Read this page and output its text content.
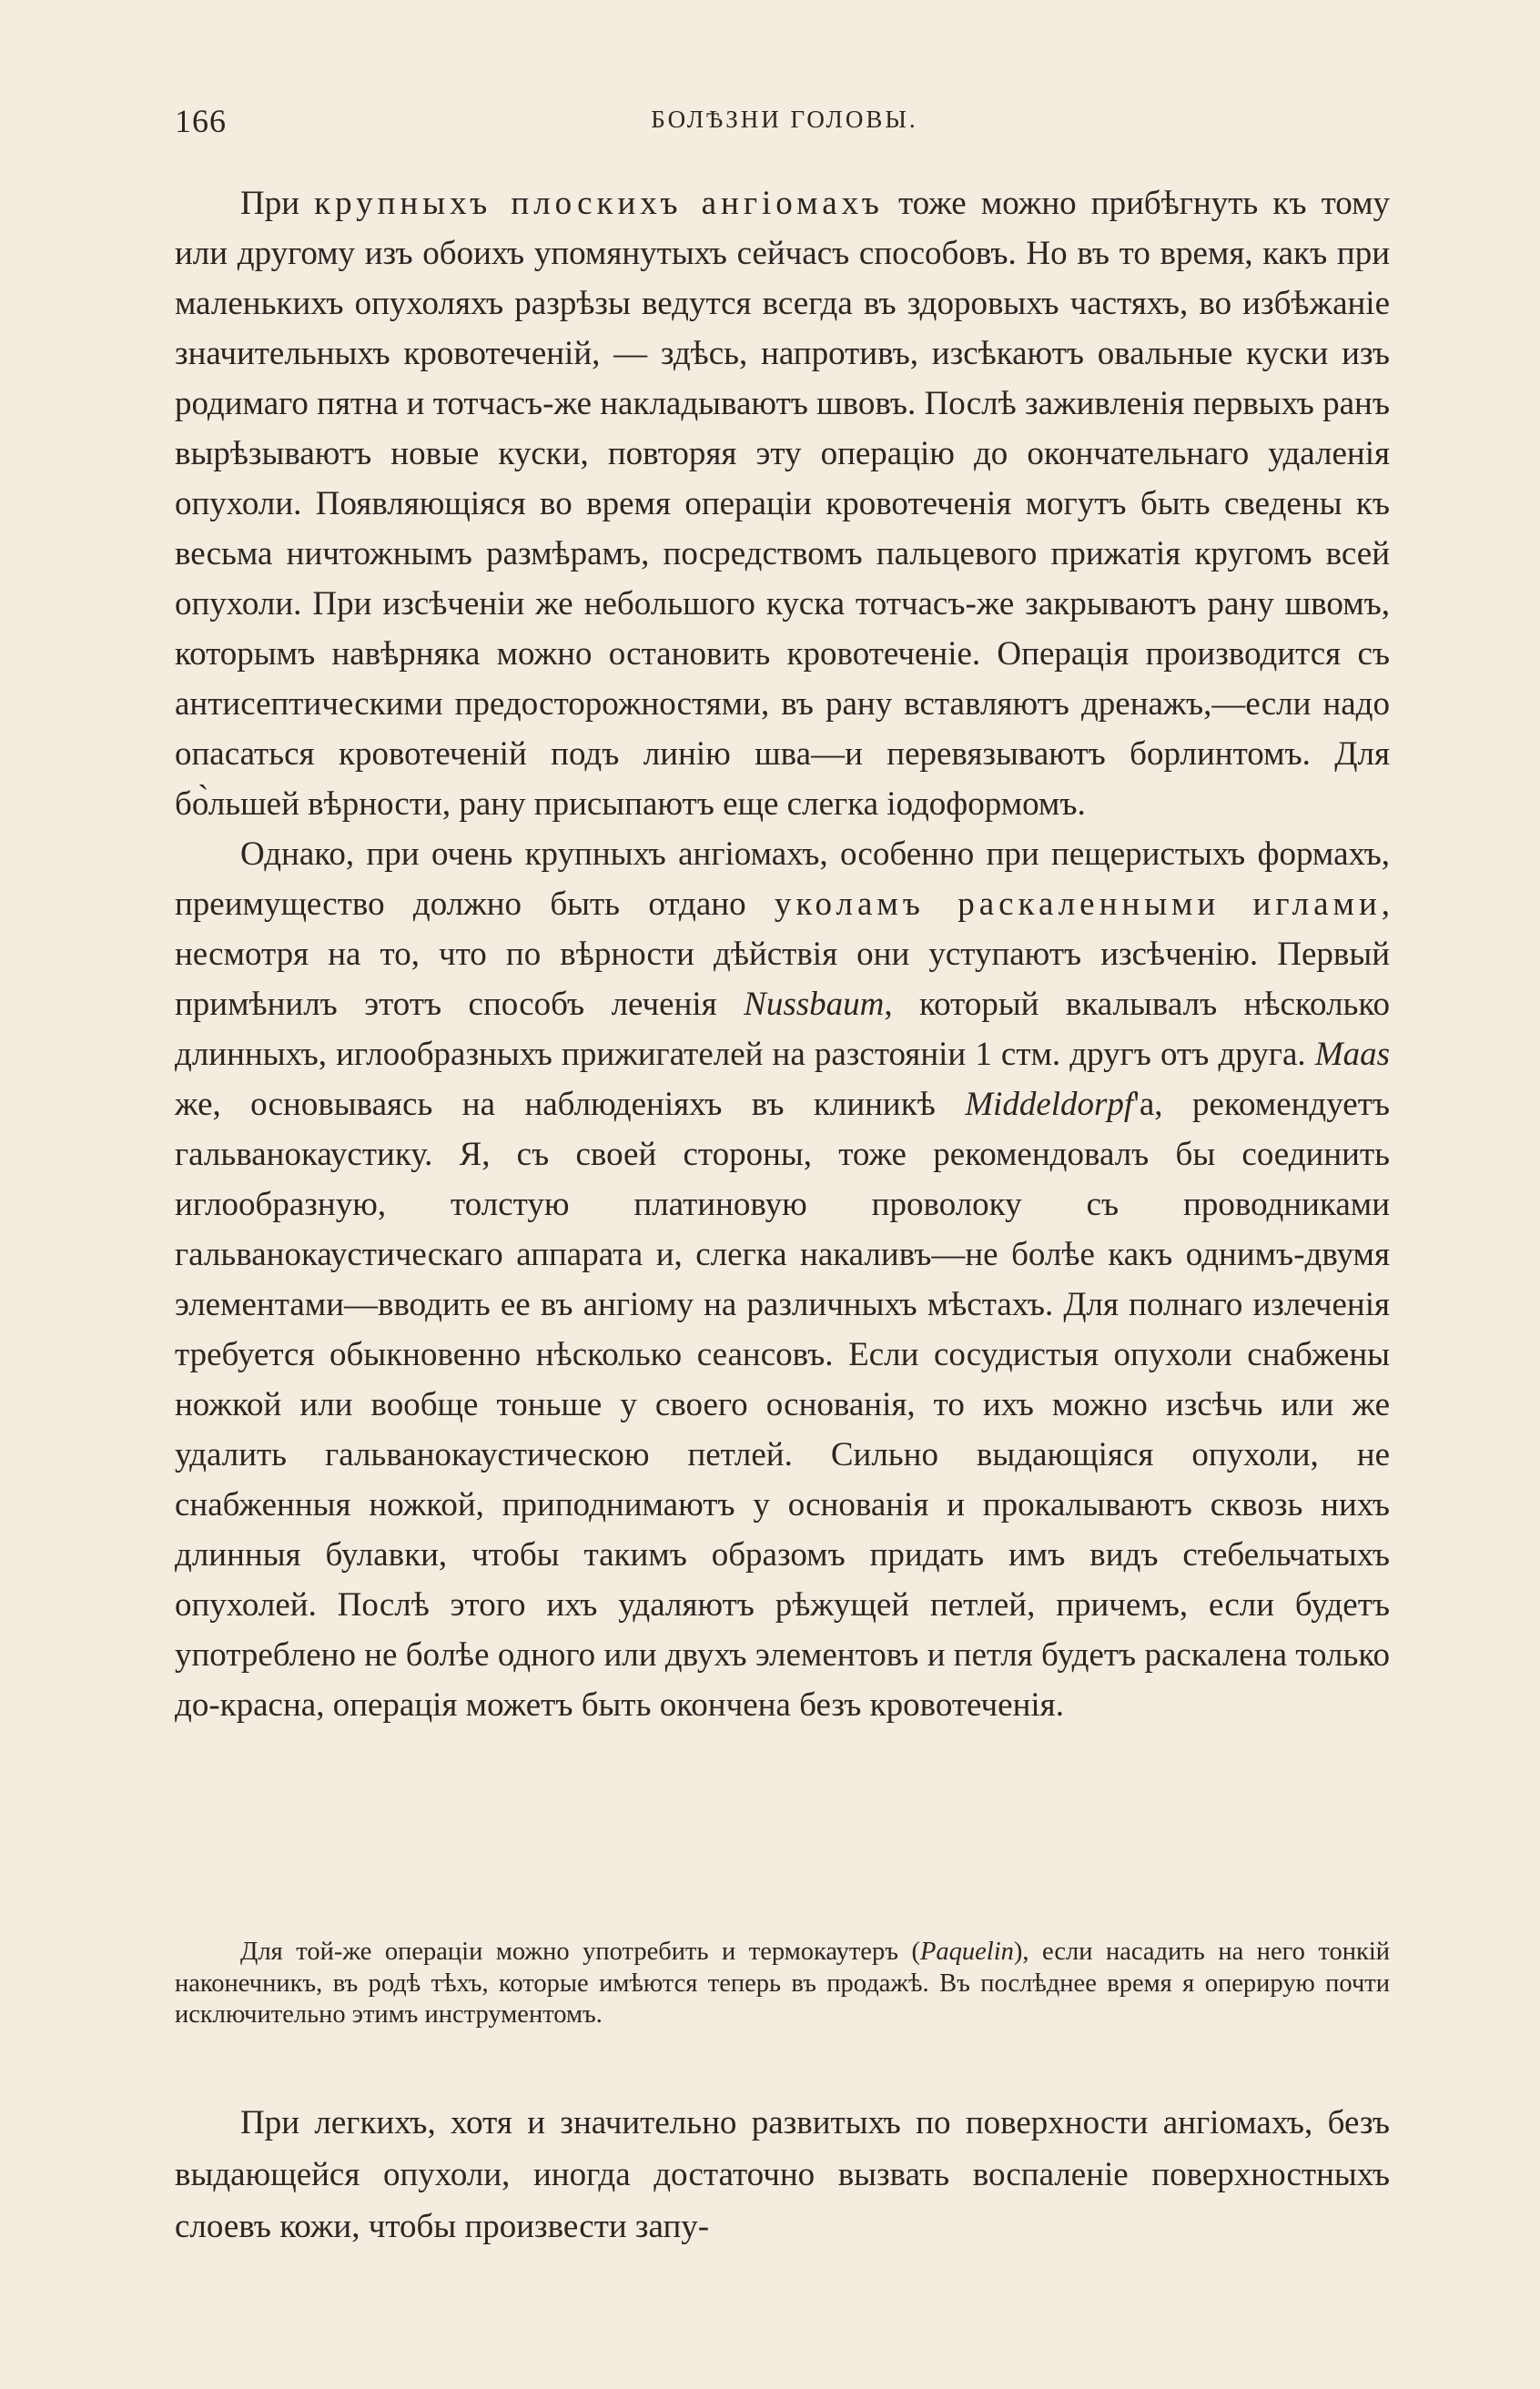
166	БОЛѢЗНИ ГОЛОВЫ.

При крупныхъ плоскихъ ангіомахъ тоже можно прибѣгнуть къ тому или другому изъ обоихъ упомянутыхъ сейчасъ способовъ. Но въ то время, какъ при маленькихъ опухоляхъ разрѣзы ведутся всегда въ здоровыхъ частяхъ, во избѣжаніе значительныхъ кровотеченій, — здѣсь, напротивъ, изсѣкаютъ овальные куски изъ родимаго пятна и тотчасъ-же накладываютъ швовъ. Послѣ заживленія первыхъ ранъ вырѣзываютъ новые куски, повторяя эту операцію до окончательнаго удаленія опухоли. Появляющіяся во время операціи кровотеченія могутъ быть сведены къ весьма ничтожнымъ размѣрамъ, посредствомъ пальцевого прижатія кругомъ всей опухоли. При изсѣченіи же небольшого куска тотчасъ-же закрываютъ рану швомъ, которымъ навѣрняка можно остановить кровотеченіе. Операція производится съ антисептическими предосторожностями, въ рану вставляютъ дренажъ,—если надо опасаться кровотеченій подъ линію шва—и перевязываютъ борлинтомъ. Для бо̀льшей вѣрности, рану присыпаютъ еще слегка іодоформомъ.

Однако, при очень крупныхъ ангіомахъ, особенно при пещеристыхъ формахъ, преимущество должно быть отдано уколамъ раскаленными иглами, несмотря на то, что по вѣрности дѣйствія они уступаютъ изсѣченію. Первый примѣнилъ этотъ способъ леченія Nussbaum, который вкалывалъ нѣсколько длинныхъ, иглообразныхъ прижигателей на разстояніи 1 стм. другъ отъ друга. Maas же, основываясь на наблюденіяхъ въ клиникѣ Middeldorpf'а, рекомендуетъ гальванокаустику. Я, съ своей стороны, тоже рекомендовалъ бы соединить иглообразную, толстую платиновую проволоку съ проводниками гальванокаустическаго аппарата и, слегка накаливъ—не болѣе какъ однимъ-двумя элементами—вводить ее въ ангіому на различныхъ мѣстахъ. Для полнаго излеченія требуется обыкновенно нѣсколько сеансовъ. Если сосудистыя опухоли снабжены ножкой или вообще тоньше у своего основанія, то ихъ можно изсѣчь или же удалить гальванокаустическою петлей. Сильно выдающіяся опухоли, не снабженныя ножкой, приподнимаютъ у основанія и прокалываютъ сквозь нихъ длинныя булавки, чтобы такимъ образомъ придать имъ видъ стебельчатыхъ опухолей. Послѣ этого ихъ удаляютъ рѣжущей петлей, причемъ, если будетъ употреблено не болѣе одного или двухъ элементовъ и петля будетъ раскалена только до-красна, операція можетъ быть окончена безъ кровотеченія.

Для той-же операціи можно употребить и термокаутеръ (Paquelin), если насадить на него тонкій наконечникъ, въ родѣ тѣхъ, которые имѣются теперь въ продажѣ. Въ послѣднее время я оперирую почти исключительно этимъ инструментомъ.

При легкихъ, хотя и значительно развитыхъ по поверхности ангіомахъ, безъ выдающейся опухоли, иногда достаточно вызвать воспаленіе поверхностныхъ слоевъ кожи, чтобы произвести запу-
